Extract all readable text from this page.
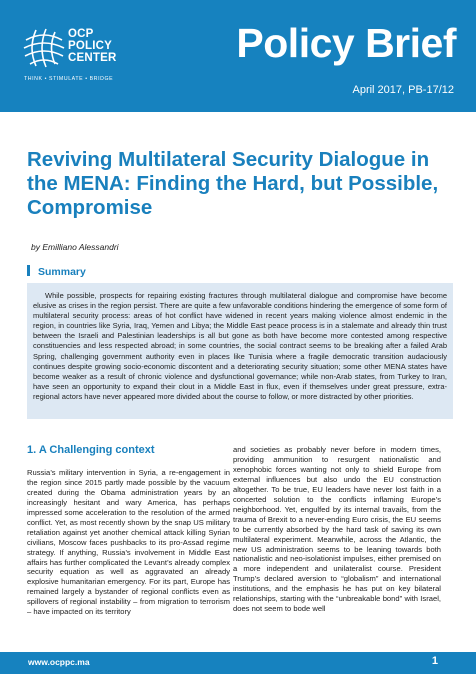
OCP
POLICY
CENTER
THINK • STIMULATE • BRIDGE
Policy Brief
April 2017, PB-17/12
Reviving Multilateral Security Dialogue in the MENA: Finding the Hard, but Possible, Compromise
by Emilliano Alessandri
Summary

While possible, prospects for repairing existing fractures through multilateral dialogue and compromise have become elusive as crises in the region persist. There are quite a few unfavorable conditions hindering the emergence of some form of multilateral security process: areas of hot conflict have widened in recent years making violence almost endemic in the region, in countries like Syria, Iraq, Yemen and Libya; the Middle East peace process is in a stalemate and already thin trust between the Israeli and Palestinian leaderships is all but gone as both have become more contested among respective constituencies and less respected abroad; in some countries, the social contract seems to be breaking after a failed Arab Spring, challenging government authority even in places like Tunisia where a fragile democratic transition audaciously continues despite growing socio-economic discontent and a deteriorating security situation; some other MENA states have become weaker as a result of chronic violence and dysfunctional governance; while non-Arab states, from Turkey to Iran, have seen an opportunity to expand their clout in a Middle East in flux, even if themselves under great pressure, extra-regional actors have never appeared more divided about the course to follow, or more distracted by other priorities.

1. A Challenging context

Russia’s military intervention in Syria, a re-engagement in the region since 2015 partly made possible by the vacuum created during the Obama administration years by an increasingly hesitant and wary America, has perhaps impressed some acceleration to the resolution of the armed conflict. Yet, as most recently shown by the snap US military retaliation against yet another chemical attack killing Syrian civilians, Moscow faces pushbacks to its pro-Assad regime strategy. If anything, Russia’s involvement in Middle East affairs has further complicated the Levant’s already complex security equation as well as aggravated an already explosive humanitarian emergency. For its part, Europe has remained largely a bystander of regional conflicts even as spillovers of regional instability – from migration to terrorism – have impacted on its territory

and societies as probably never before in modern times, providing ammunition to resurgent nationalistic and xenophobic forces wanting not only to shield Europe from external influences but also undo the EU construction altogether. To be true, EU leaders have never lost faith in a concerted solution to the conflicts inflaming Europe’s neighborhood. Yet, engulfed by its internal travails, from the trauma of Brexit to a never-ending Euro crisis, the EU seems to be currently absorbed by the hard task of saving its own multilateral experiment. Meanwhile, across the Atlantic, the new US administration seems to be leaning towards both nationalistic and neo-isolationist impulses, either premised on a more independent and unilateralist course. President Trump’s declared aversion to “globalism” and international institutions, and the emphasis he has put on key bilateral relationships, starting with the “unbreakable bond” with Israel, does not seem to bode well

www.ocppc.ma	1
